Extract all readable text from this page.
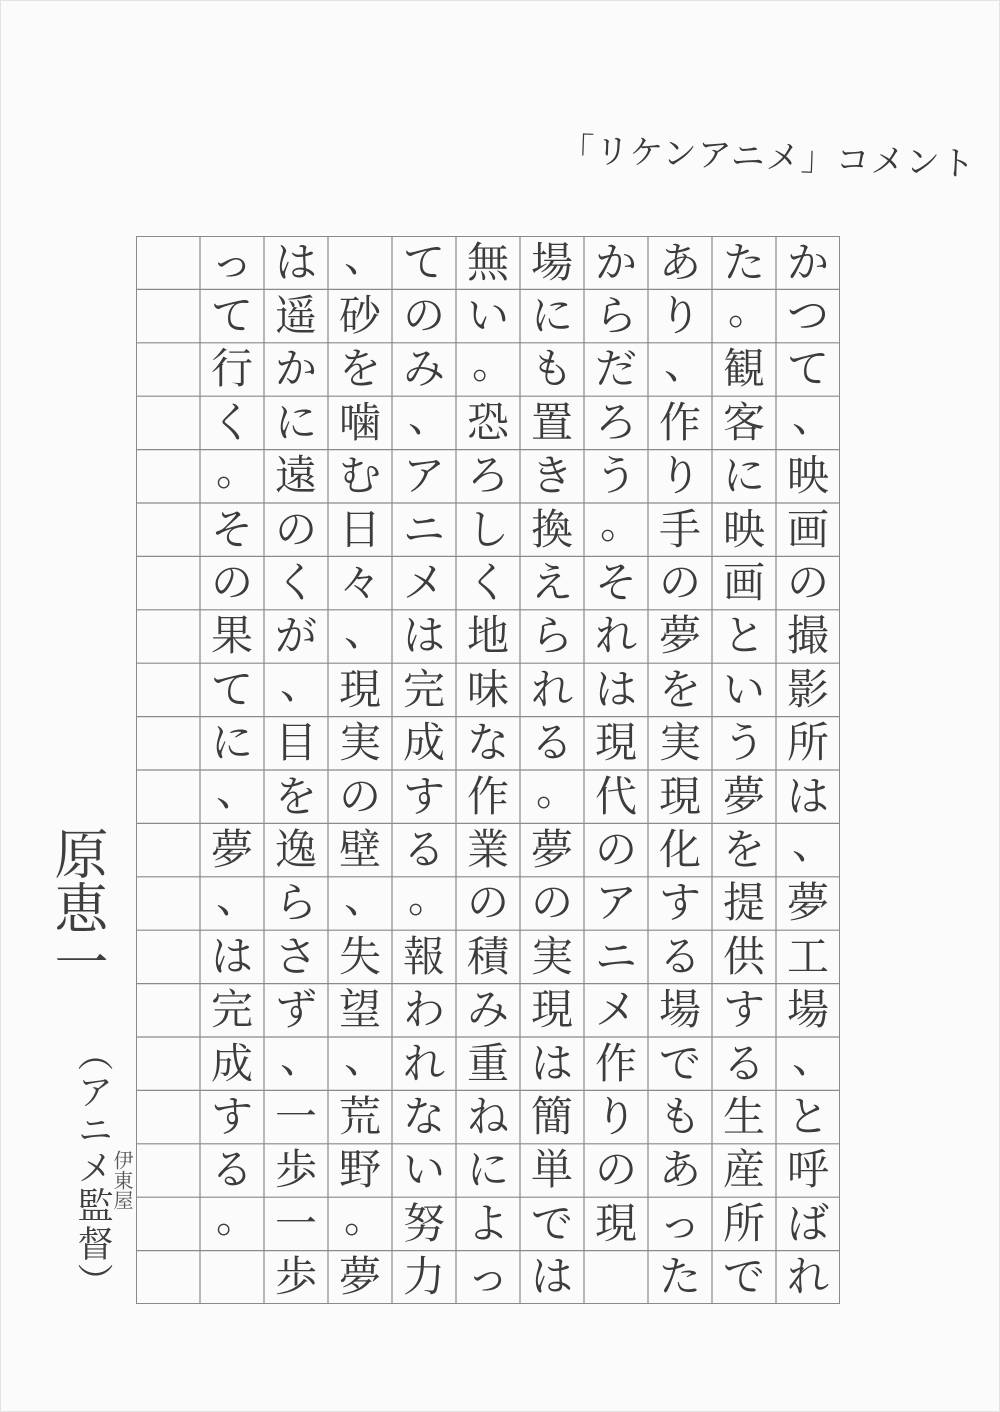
「リケンアニメ」コメント
か
つ
て
、
映
画
の
撮
影
所
は
、
夢
工
場
、
と
呼
ば
れ
た
。
観
客
に
映
画
と
い
う
夢
を
提
供
す
る
生
産
所
で
あ
り
、
作
り
手
の
夢
を
実
現
化
す
る
場
で
も
あ
っ
た
か
ら
だ
ろ
う
。
そ
れ
は
現
代
の
ア
ニ
メ
作
り
の
現
場
に
も
置
き
換
え
ら
れ
る
。
夢
の
実
現
は
簡
単
で
は
無
い
。
恐
ろ
し
く
地
味
な
作
業
の
積
み
重
ね
に
よ
っ
て
の
み
、
ア
ニ
メ
は
完
成
す
る
。
報
わ
れ
な
い
努
力
、
砂
を
噛
む
日
々
、
現
実
の
壁
、
失
望
、
荒
野
。
夢
は
遥
か
に
遠
の
く
が
、
目
を
逸
ら
さ
ず
、
一
歩
一
歩
っ
て
行
く
。
そ
の
果
て
に
、
夢
、
は
完
成
す
る
。
原恵一
（アニメ監督）
伊東屋
